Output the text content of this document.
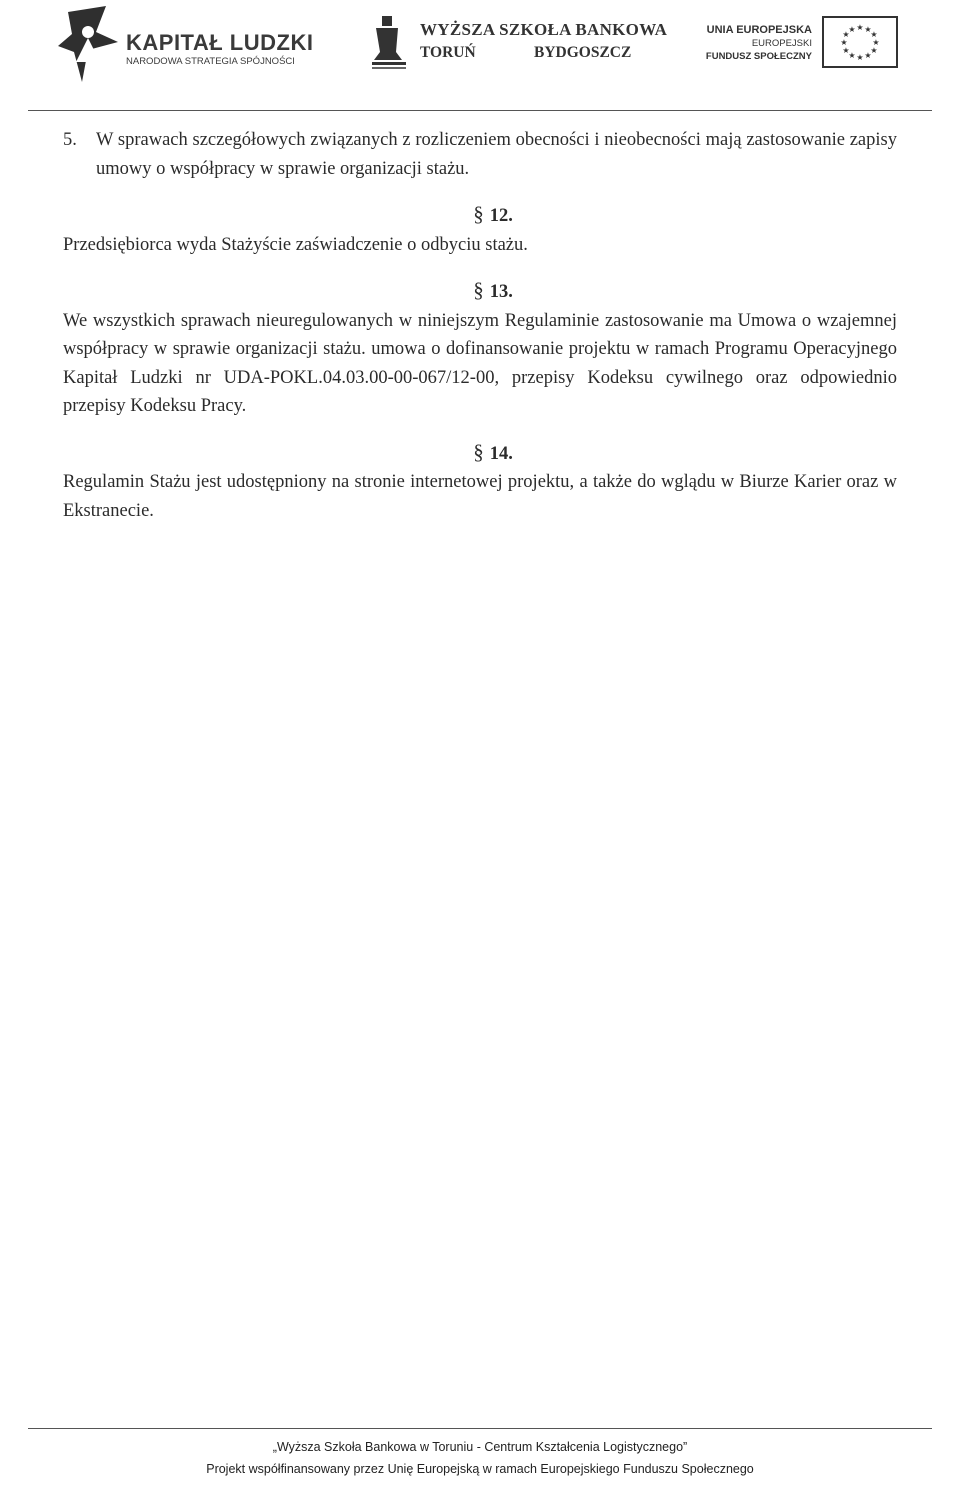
KAPITAŁ LUDZKI
NARODOWA STRATEGIA SPÓJNOŚCI
WYŻSZA SZKOŁA BANKOWA
TORUŃ	BYDGOSZCZ
UNIA EUROPEJSKA
EUROPEJSKI
FUNDUSZ SPOŁECZNY
★ ★
★
★
★
★
★
★
★
★
★
★
5.	W sprawach szczegółowych związanych z rozliczeniem obecności i nieobecności mają zastosowanie zapisy umowy o współpracy w sprawie organizacji stażu.
§ 12.

Przedsiębiorca wyda Stażyście zaświadczenie o odbyciu stażu.

§ 13.

We wszystkich sprawach nieuregulowanych w niniejszym Regulaminie zastosowanie ma Umowa o wzajemnej współpracy w sprawie organizacji stażu. umowa o dofinansowanie projektu w ramach Programu Operacyjnego Kapitał Ludzki nr UDA-POKL.04.03.00-00-067/12-00, przepisy Kodeksu cywilnego oraz odpowiednio przepisy Kodeksu Pracy.

§ 14.

Regulamin Stażu jest udostępniony na stronie internetowej projektu, a także do wglądu w Biurze Karier oraz w Ekstranecie.

„Wyższa Szkoła Bankowa w Toruniu - Centrum Kształcenia Logistycznego”
Projekt współfinansowany przez Unię Europejską w ramach Europejskiego Funduszu Społecznego
